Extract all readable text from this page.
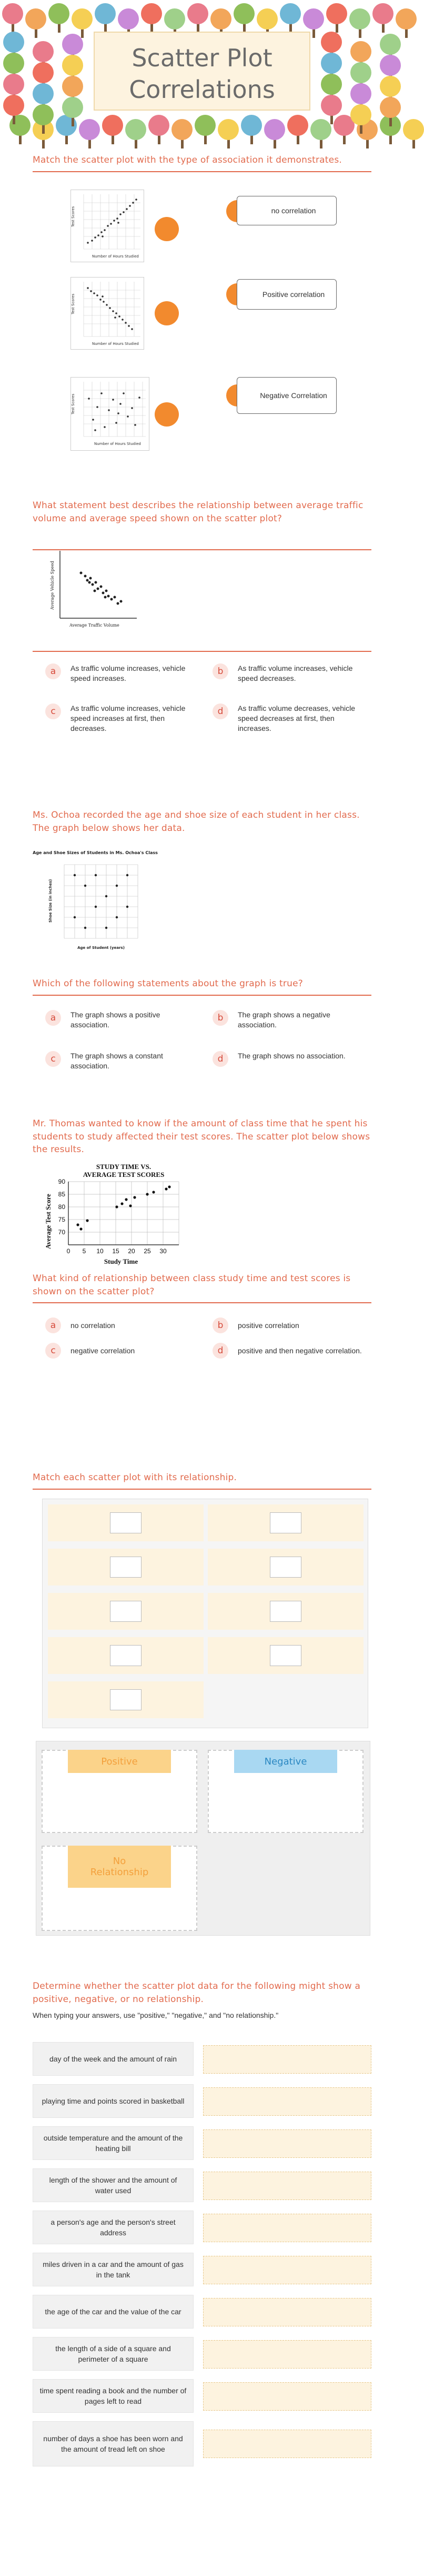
Scatter Plot
Correlations
Match the scatter plot with the type of association it demonstrates.
Test Scores
Number of Hours Studied
no correlation
Test Scores
Number of Hours Studied
Positive correlation
Test Scores
Number of Hours Studied
Negative Correlation
What statement best describes the relationship between average traffic volume and average speed shown on the scatter plot?
Average Vehicle Speed
Average Traffic Volume
a	As traffic volume increases, vehicle speed increases.
b	As traffic volume increases, vehicle speed decreases.
c	As traffic volume increases, vehicle speed increases at first, then decreases.
d	As traffic volume decreases, vehicle speed decreases at first, then increases.
Ms. Ochoa recorded the age and shoe size of each student in her class. The graph below shows her data.
Age and Shoe Sizes of Students in Ms. Ochoa's Class
Shoe Size (in inches)
Age of Student (years)
Which of the following statements about the graph is true?
a	The graph shows a positive association.
b	The graph shows a negative association.
c	The graph shows a constant association.
d	The graph shows no association.
Mr. Thomas wanted to know if the amount of class time that he spent his students to study affected their test scores. The scatter plot below shows the results.
STUDY TIME VS.
AVERAGE TEST SCORES
90
85
80
75
70
0 5 10 15 20 25 30
Average Test Score
Study Time
What kind of relationship between class study time and test scores is shown on the scatter plot?
a	no correlation	b	positive correlation
c	negative correlation	d	positive and then negative correlation.
Match each scatter plot with its relationship.
Positive	Negative
No Relationship
Determine whether the scatter plot data for the following might show a positive, negative, or no relationship.
When typing your answers, use "positive," "negative," and "no relationship."
day of the week and the amount of rain
playing time and points scored in basketball
outside temperature and the amount of the heating bill
length of the shower and the amount of water used
a person's age and the person's street address
miles driven in a car and the amount of gas in the tank
the age of the car and the value of the car
the length of a side of a square and perimeter of a square
time spent reading a book and the number of pages left to read
number of days a shoe has been worn and the amount of tread left on shoe
